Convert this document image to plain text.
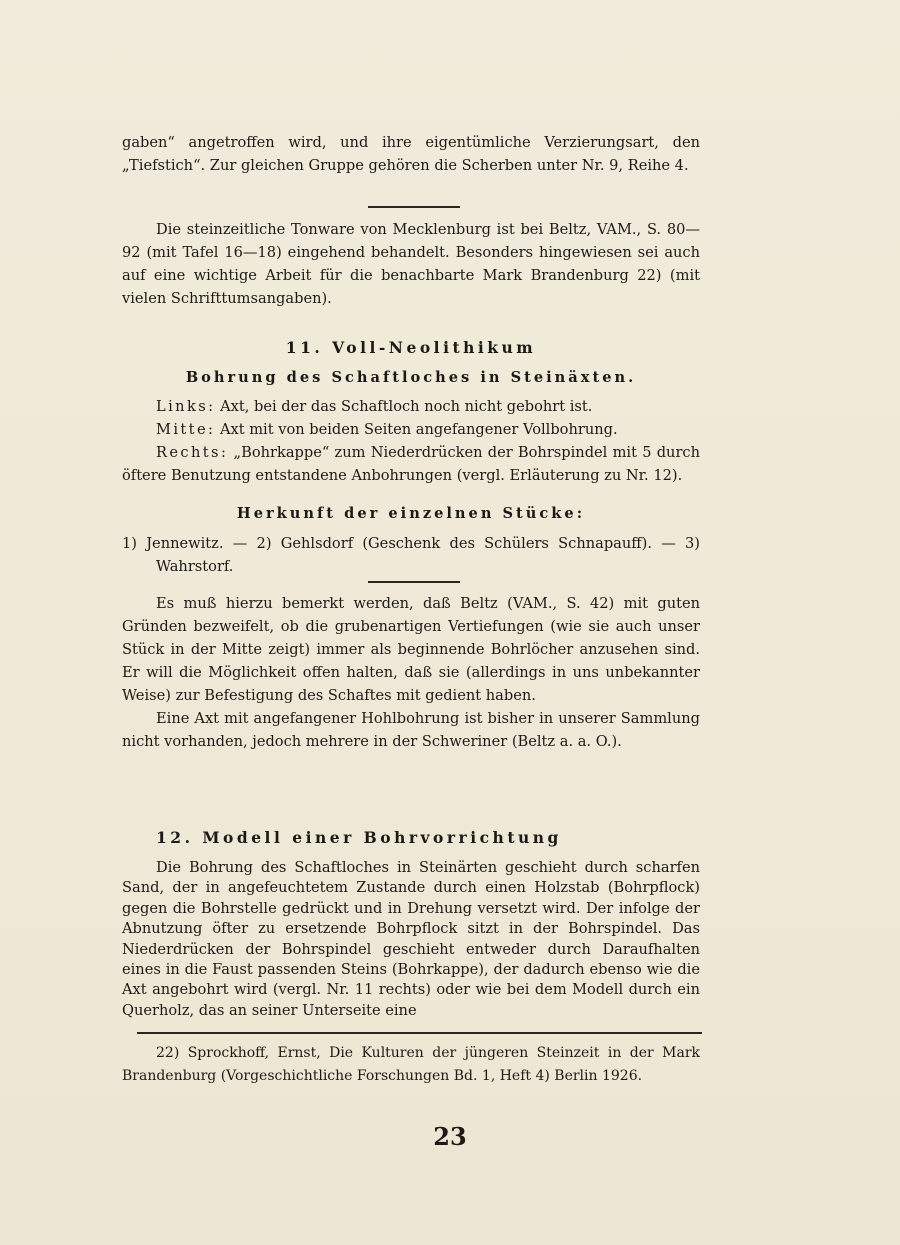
gaben“ angetroffen wird, und ihre eigentümliche Verzierungsart, den „Tiefstich“. Zur gleichen Gruppe gehören die Scherben unter Nr. 9, Reihe 4.

Die steinzeitliche Tonware von Mecklenburg ist bei Beltz, VAM., S. 80—92 (mit Tafel 16—18) eingehend behandelt. Besonders hingewiesen sei auch auf eine wichtige Arbeit für die benachbarte Mark Brandenburg 22) (mit vielen Schrifttumsangaben).

11. Voll-Neolithikum
Bohrung des Schaftloches in Steinäxten.

Links: Axt, bei der das Schaftloch noch nicht gebohrt ist.

Mitte: Axt mit von beiden Seiten angefangener Vollbohrung.

Rechts: „Bohrkappe“ zum Niederdrücken der Bohrspindel mit 5 durch öftere Benutzung entstandene Anbohrungen (vergl. Erläuterung zu Nr. 12).

Herkunft der einzelnen Stücke:

1) Jennewitz. — 2) Gehlsdorf (Geschenk des Schülers Schnapauff). — 3) Wahrstorf.

Es muß hierzu bemerkt werden, daß Beltz (VAM., S. 42) mit guten Gründen bezweifelt, ob die grubenartigen Vertiefungen (wie sie auch unser Stück in der Mitte zeigt) immer als beginnende Bohrlöcher anzusehen sind. Er will die Möglichkeit offen halten, daß sie (allerdings in uns unbekannter Weise) zur Befestigung des Schaftes mit gedient haben.

Eine Axt mit angefangener Hohlbohrung ist bisher in unserer Sammlung nicht vorhanden, jedoch mehrere in der Schweriner (Beltz a. a. O.).

12. Modell einer Bohrvorrichtung

Die Bohrung des Schaftloches in Steinärten geschieht durch scharfen Sand, der in angefeuchtetem Zustande durch einen Holzstab (Bohrpflock) gegen die Bohrstelle gedrückt und in Drehung versetzt wird. Der infolge der Abnutzung öfter zu ersetzende Bohrpflock sitzt in der Bohrspindel. Das Niederdrücken der Bohrspindel geschieht entweder durch Daraufhalten eines in die Faust passenden Steins (Bohrkappe), der dadurch ebenso wie die Axt angebohrt wird (vergl. Nr. 11 rechts) oder wie bei dem Modell durch ein Querholz, das an seiner Unterseite eine

22) Sprockhoff, Ernst, Die Kulturen der jüngeren Steinzeit in der Mark Brandenburg (Vorgeschichtliche Forschungen Bd. 1, Heft 4) Berlin 1926.

23
